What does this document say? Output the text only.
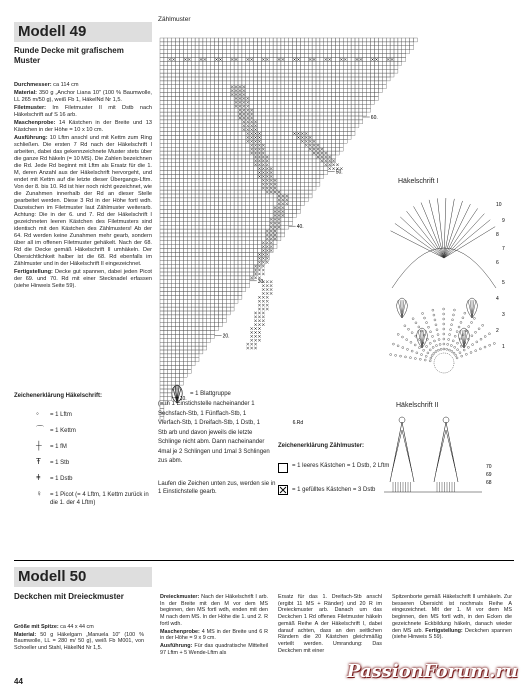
Modell 49
Runde Decke mit grafischem Muster
Durchmesser: ca 114 cm
Material: 350 g „Anchor Liana 10" (100 % Baumwolle, LL 265 m/50 g), weiß Fb 1, HäkelNd Nr 1,5.
Filetmuster: Im Filetmuster II mit Dstb nach Häkelschrift auf S 16 arb.
Maschenprobe: 14 Kästchen in der Breite und 13 Kästchen in der Höhe = 10 x 10 cm.
Ausführung: 10 Lftm anschl und mit Kettm zum Ring schließen. Die ersten 7 Rd nach der Häkelschrift I arbeiten, dabei das gekennzeichnete Muster stets über die ganze Rd häkeln (= 10 MS). Die Zahlen bezeichnen die Rd. Jede Rd beginnt mit Lftm als Ersatz für die 1. M, deren Anzahl aus der Häkelschrift hervorgeht, und endet mit Kettm auf die letzte dieser Übergangs-Lftm. Von der 8. bis 10. Rd ist hier noch nicht gezeichnet, wie die Zunahmen innerhalb der Rd an dieser Stelle gearbeitet werden. Diese 3 Rd in der Höhe fortl wdh. Dazwischen im Filetmuster laut Zählmuster weiterarb. Achtung: Die in der 6. und 7. Rd der Häkelschrift I gezeichneten leeren Kästchen des Filetmusters sind identisch mit den Kästchen des Zählmusters! Ab der 64. Rd werden keine Zunahmen mehr gearb, sondern über all im offenen Filetmuster gehäkelt. Nach der 68. Rd die Decke gemäß Häkelschrift II umhäkeln. Der Übersichtlichkeit halber ist die 68. Rd ebenfalls im Zählmuster und in der Häkelschrift II eingezeichnet.
Fertigstellung: Decke gut spannen, dabei jeden Picot der 69. und 70. Rd mit einer Stecknadel erfassen (siehe Hinweis Seite 59).
Zeichenerklärung Häkelschrift:
◦ = 1 Lftm
⌒ = 1 Kettm
┼ = 1 fM
Ŧ = 1 Stb
ǂ = 1 Dstb
♀ = 1 Picot (= 4 Lftm, 1 Kettm zurück in die 1. der 4 Lftm)
= 1 Blattgruppe
(= in 1 Einstichstelle nacheinander 1 Sechsfach-Stb, 1 Fünffach-Stb, 1 Vierfach-Stb, 1 Dreifach-Stb, 1 Dstb, 1 Stb arb und davon jeweils die letzte Schlinge nicht abm. Dann nacheinander 4mal je 2 Schlingen und 1mal 3 Schlingen zus abm.
Laufen die Zeichen unten zus, werden sie in 1 Einstichstelle gearb.
Zeichenerklärung Zählmuster:
= 1 leeres Kästchen = 1 Dstb, 2 Lftm
= 1 gefülltes Kästchen = 3 Dstb
Zählmuster
60.
50.
40.
30.
20.
10.
6.Rd
Häkelschrift I
10
9
8
7
6
5
4
3
2
1
Häkelschrift II
70
69
68
Modell 50
Deckchen mit Dreieckmuster
Größe mit Spitze: ca 44 x 44 cm
Material: 50 g Häkelgarn „Manuela 10" (100 % Baumwolle, LL = 280 m/ 50 g), weiß Fb M001, von Schoeller und Stahl, HäkelNd Nr 1,5.
Dreieckmuster: Nach der Häkelschrift I arb. In der Breite mit den M vor dem MS beginnen, den MS fortl wdh, enden mit den M nach dem MS. In der Höhe die 1. und 2. R fortl wdh.
Maschenprobe: 4 MS in der Breite und 6 R in der Höhe = 9 x 9 cm.
Ausführung: Für das quadratische Mittelteil 97 Lftm + 5 Wende-Lftm als
Ersatz für das 1. Dreifach-Stb anschl (ergibt 11 MS + Ränder) und 20 R im Dreieckmuster arb. Danach um das Deckchen 1 Rd offenes Filetmuster häkeln gemäß Reihe A der Häkelschrift I, dabei darauf achten, dass an den seitlichen Rändern die 20 Kästchen gleichmäßig verteilt werden. Umrandung: Das Deckchen mit einer
Spitzenborte gemäß Häkelschrift II umhäkeln. Zur besseren Übersicht ist nochmals Reihe A eingezeichnet. Mit der 1. M vor dem MS beginnen, den MS fortl wdh, in den Ecken die gezeichnete Eckbildung häkeln, danach wieder den MS arb. Fertigstellung: Deckchen spannen (siehe Hinweis S 59).
44	PassionForum.ru
